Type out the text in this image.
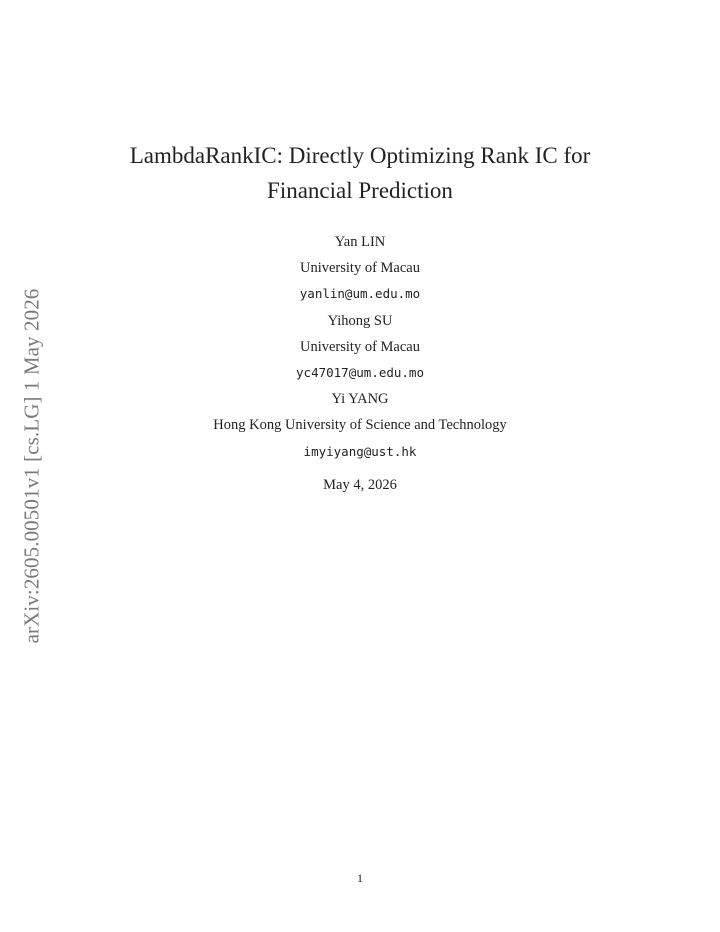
arXiv:2605.00501v1 [cs.LG] 1 May 2026
LambdaRankIC: Directly Optimizing Rank IC for
Financial Prediction
Yan LIN
University of Macau
yanlin@um.edu.mo
Yihong SU
University of Macau
yc47017@um.edu.mo
Yi YANG
Hong Kong University of Science and Technology
imyiyang@ust.hk
May 4, 2026
1
